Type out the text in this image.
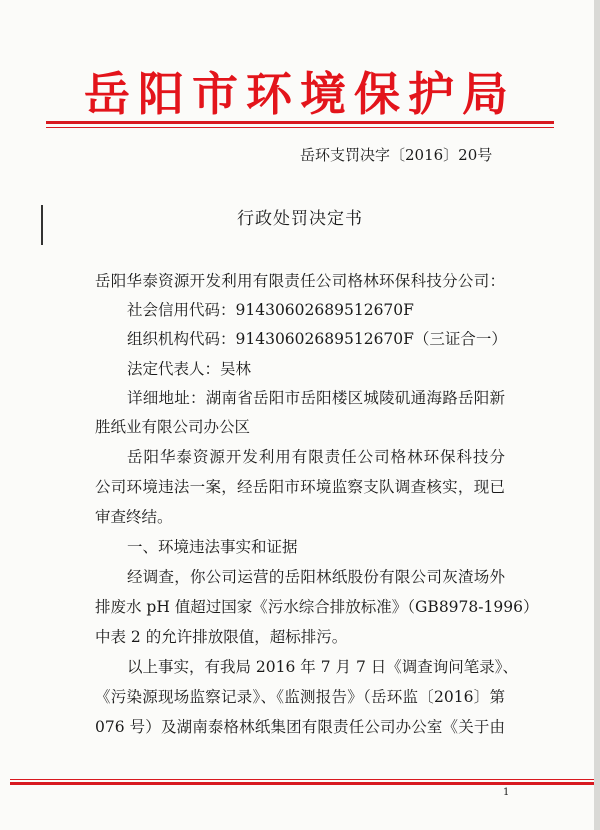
岳阳市环境保护局
岳环支罚决字〔2016〕20号
行政处罚决定书
岳阳华泰资源开发利用有限责任公司格林环保科技分公司：
社会信用代码：91430602689512670F
组织机构代码：91430602689512670F（三证合一）
法定代表人：吴林
详细地址：湖南省岳阳市岳阳楼区城陵矶通海路岳阳新
胜纸业有限公司办公区
岳阳华泰资源开发利用有限责任公司格林环保科技分
公司环境违法一案，经岳阳市环境监察支队调查核实，现已
审查终结。
一、环境违法事实和证据
经调查，你公司运营的岳阳林纸股份有限公司灰渣场外
排废水 pH 值超过国家《污水综合排放标准》（GB8978-1996）
中表 2 的允许排放限值，超标排污。
以上事实，有我局 2016 年 7 月 7 日《调查询问笔录》、
《污染源现场监察记录》、《监测报告》（岳环监〔2016〕第
076 号）及湖南泰格林纸集团有限责任公司办公室《关于由
1
